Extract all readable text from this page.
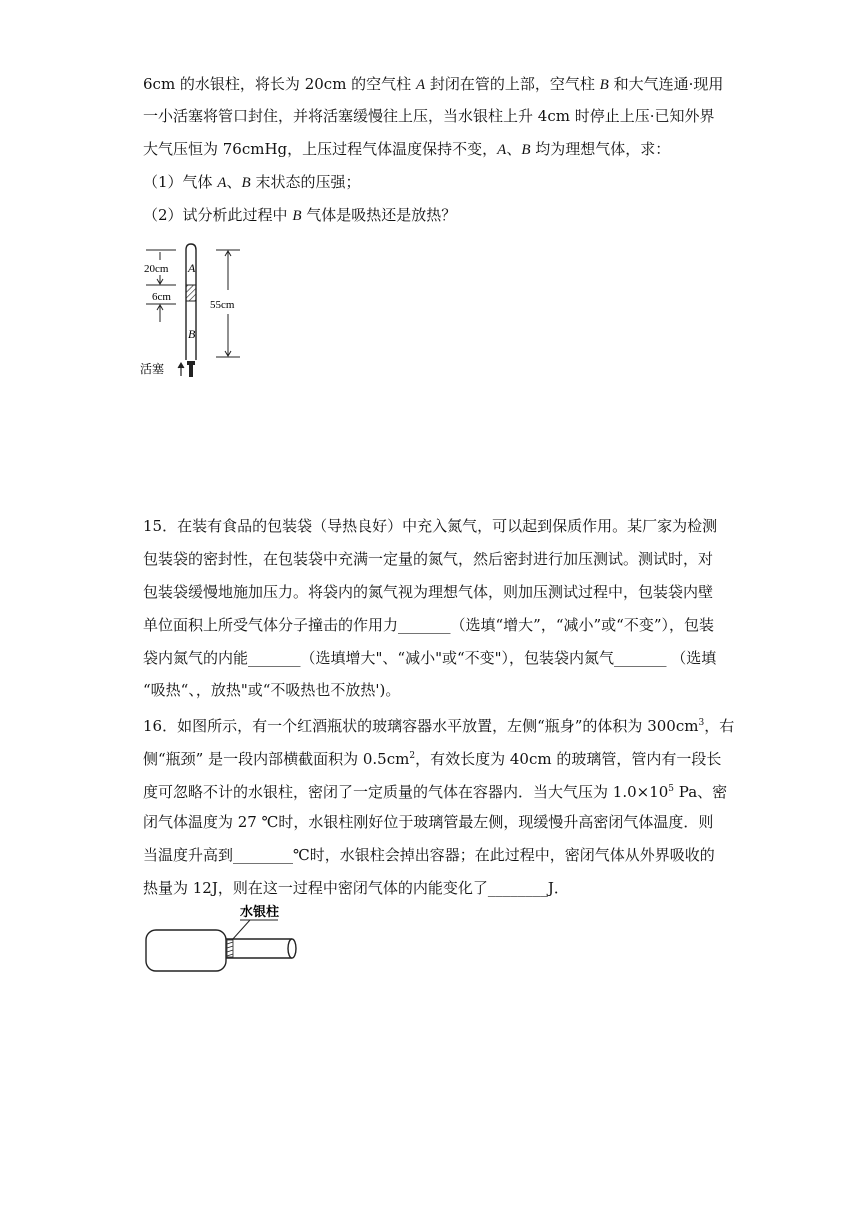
6cm 的水银柱，将长为 20cm 的空气柱 A 封闭在管的上部，空气柱 B 和大气连通·现用
一小活塞将管口封住，并将活塞缓慢往上压，当水银柱上升 4cm 时停止上压·已知外界
大气压恒为 76cmHg，上压过程气体温度保持不变，A、B 均为理想气体，求：
（1）气体 A、B 末状态的压强；
（2）试分析此过程中 B 气体是吸热还是放热？
A
B
20cm
6cm
55cm
活塞
15．在装有食品的包装袋（导热良好）中充入氮气，可以起到保质作用。某厂家为检测
包装袋的密封性，在包装袋中充满一定量的氮气，然后密封进行加压测试。测试时，对
包装袋缓慢地施加压力。将袋内的氮气视为理想气体，则加压测试过程中，包装袋内壁
单位面积上所受气体分子撞击的作用力_______（选填“增大”，“减小”或“不变”），包装
袋内氮气的内能_______（选填增大"、“减小"或“不变"），包装袋内氮气_______ （选填
“吸热“、，放热"或“不吸热也不放热')。
16．如图所示，有一个红酒瓶状的玻璃容器水平放置，左侧“瓶身”的体积为 $300cm^3$，右
侧“瓶颈” 是一段内部横截面积为 $0.5cm^2$，有效长度为 40cm 的玻璃管，管内有一段长
度可忽略不计的水银柱，密闭了一定质量的气体在容器内．当大气压为 $1.0\times 10^5$ Pa、密
闭气体温度为 27 ℃时，水银柱刚好位于玻璃管最左侧，现缓慢升高密闭气体温度．则
当温度升高到________℃时，水银柱会掉出容器；在此过程中，密闭气体从外界吸收的
热量为 12J，则在这一过程中密闭气体的内能变化了________J．
水银柱
